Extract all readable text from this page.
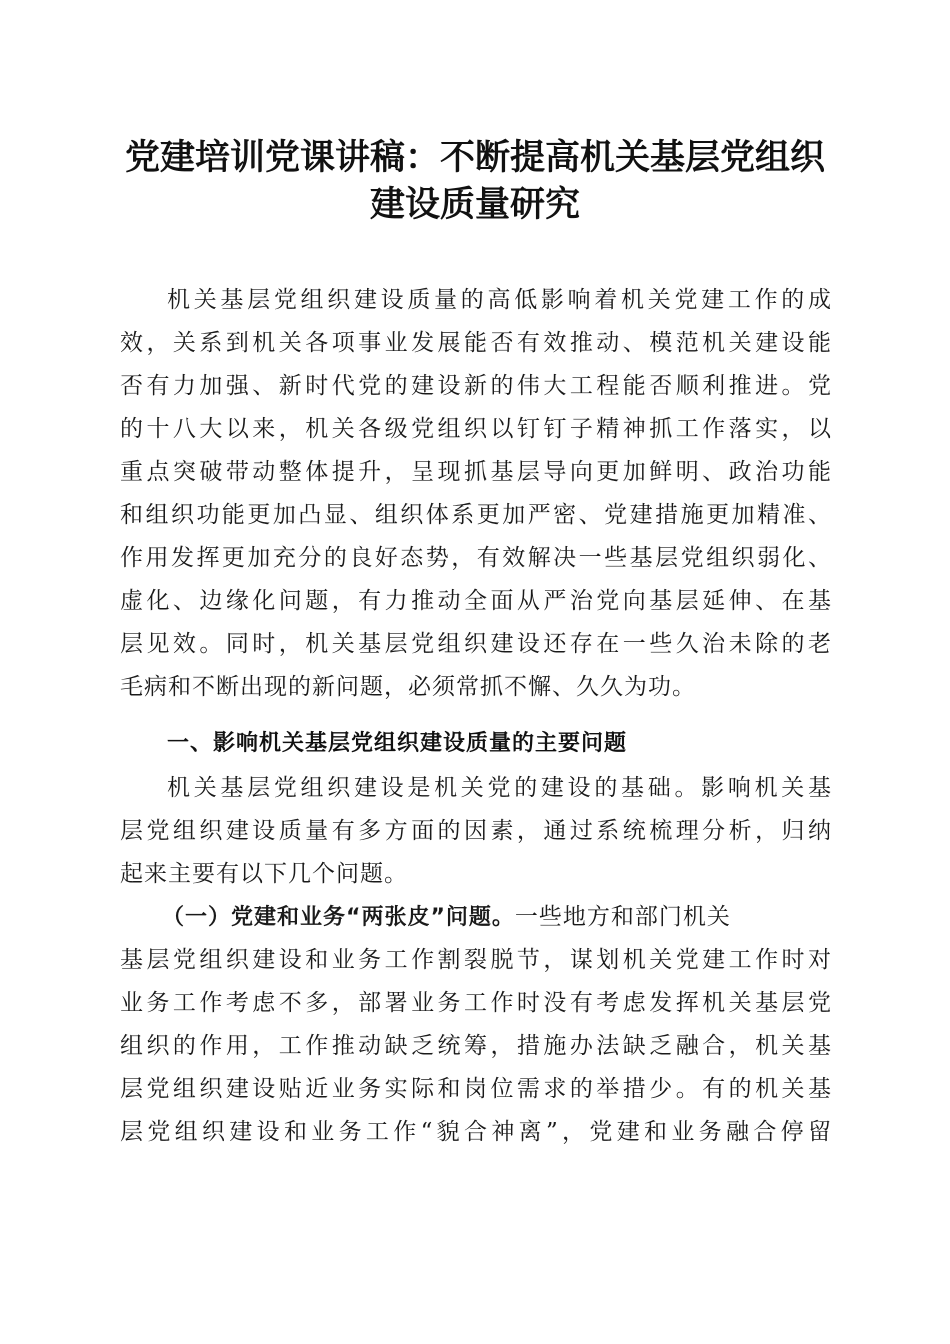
党建培训党课讲稿：不断提高机关基层党组织
建设质量研究
机关基层党组织建设质量的高低影响着机关党建工作的成
效，关系到机关各项事业发展能否有效推动、模范机关建设能
否有力加强、新时代党的建设新的伟大工程能否顺利推进。党
的十八大以来，机关各级党组织以钉钉子精神抓工作落实，以
重点突破带动整体提升，呈现抓基层导向更加鲜明、政治功能
和组织功能更加凸显、组织体系更加严密、党建措施更加精准、
作用发挥更加充分的良好态势，有效解决一些基层党组织弱化、
虚化、边缘化问题，有力推动全面从严治党向基层延伸、在基
层见效。同时，机关基层党组织建设还存在一些久治未除的老
毛病和不断出现的新问题，必须常抓不懈、久久为功。
一、影响机关基层党组织建设质量的主要问题
机关基层党组织建设是机关党的建设的基础。影响机关基
层党组织建设质量有多方面的因素，通过系统梳理分析，归纳
起来主要有以下几个问题。
（一）党建和业务“两张皮”问题。一些地方和部门机关
基层党组织建设和业务工作割裂脱节，谋划机关党建工作时对
业务工作考虑不多，部署业务工作时没有考虑发挥机关基层党
组织的作用，工作推动缺乏统筹，措施办法缺乏融合，机关基
层党组织建设贴近业务实际和岗位需求的举措少。有的机关基
层党组织建设和业务工作“貌合神离”，党建和业务融合停留
